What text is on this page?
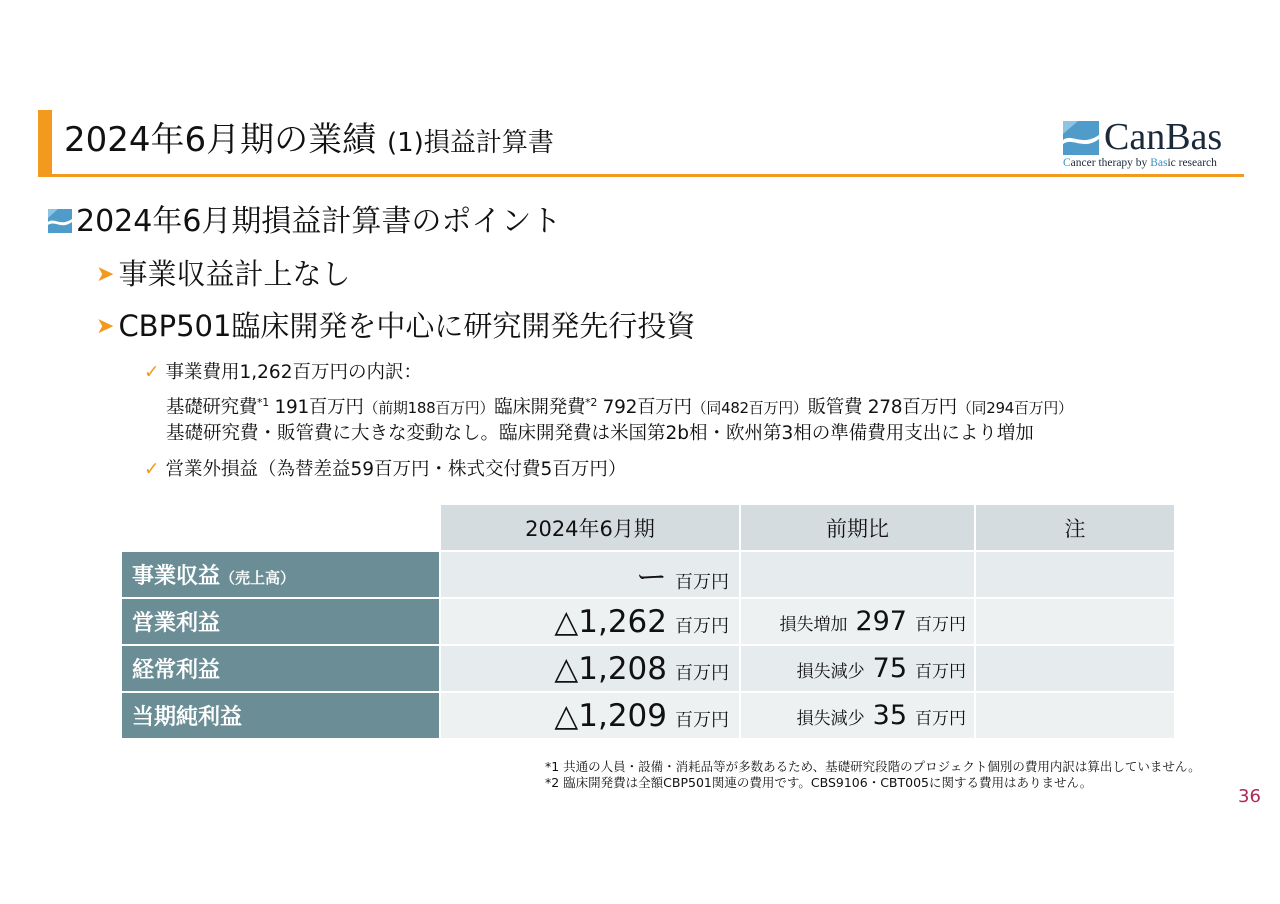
2024年6月期の業績 (1)損益計算書	CanBas
Cancer therapy by Basic research
2024年6月期損益計算書のポイント
➤ 事業収益計上なし
➤ CBP501臨床開発を中心に研究開発先行投資
✓ 事業費用1,262百万円の内訳：
基礎研究費$^{*1}$ 191百万円（前期188百万円）臨床開発費$^{*2}$ 792百万円（同482百万円）販管費 278百万円（同294百万円）
基礎研究費・販管費に大きな変動なし。臨床開発費は米国第2b相・欧州第3相の準備費用支出により増加
✓ 営業外損益（為替差益59百万円・株式交付費5百万円）
	2024年6月期	前期比	注
事業収益（売上高）	ー 百万円		
営業利益	△1,262 百万円	損失増加 297 百万円	
経常利益	△1,208 百万円	損失減少 75 百万円	
当期純利益	△1,209 百万円	損失減少 35 百万円	
*1 共通の人員・設備・消耗品等が多数あるため、基礎研究段階のプロジェクト個別の費用内訳は算出していません。
*2 臨床開発費は全額CBP501関連の費用です。CBS9106・CBT005に関する費用はありません。
36
